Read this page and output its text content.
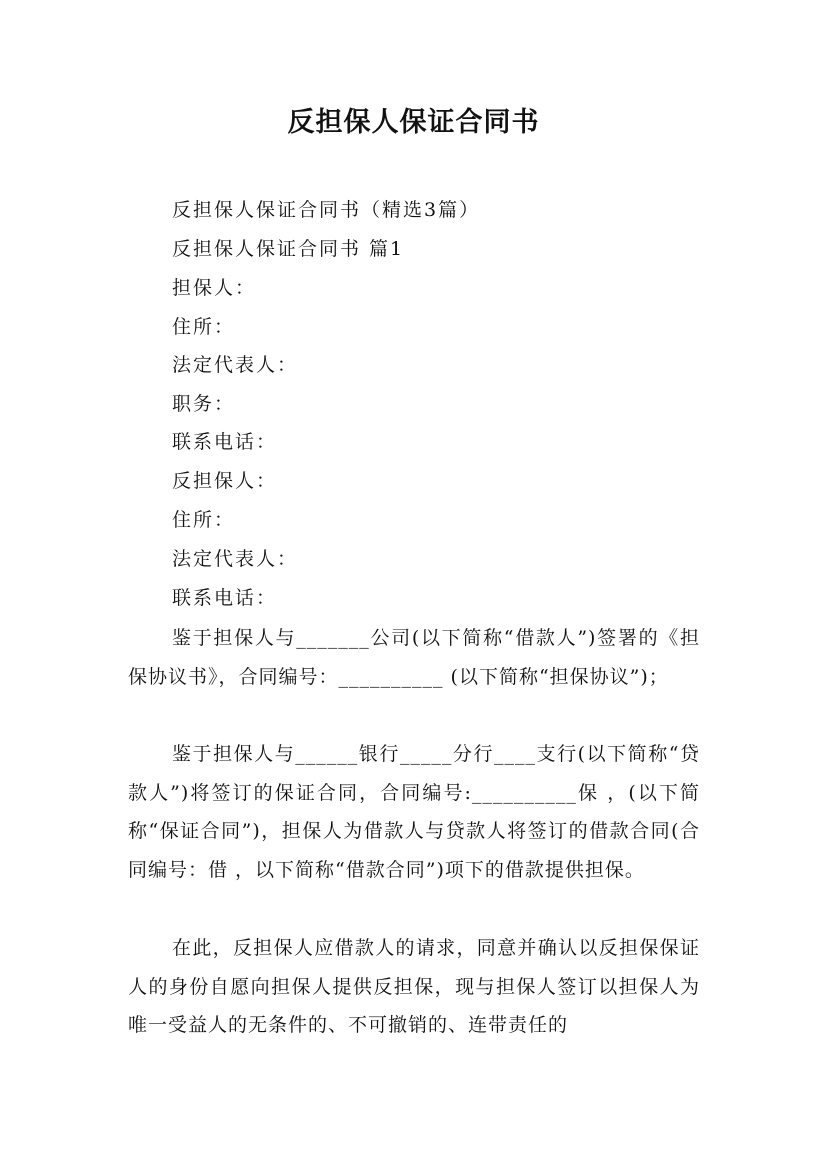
反担保人保证合同书

反担保人保证合同书（精选3篇）

反担保人保证合同书 篇1

担保人：

住所：

法定代表人：

职务：

联系电话：

反担保人：

住所：

法定代表人：

联系电话：

鉴于担保人与_______公司(以下简称“借款人”)签署的《担保协议书》，合同编号：__________ (以下简称“担保协议”)；

鉴于担保人与______银行_____分行____支行(以下简称“贷款人”)将签订的保证合同，合同编号:__________保 ，(以下简称“保证合同”)，担保人为借款人与贷款人将签订的借款合同(合同编号：借 ，以下简称“借款合同”)项下的借款提供担保。

在此，反担保人应借款人的请求，同意并确认以反担保保证人的身份自愿向担保人提供反担保，现与担保人签订以担保人为唯一受益人的无条件的、不可撤销的、连带责任的
